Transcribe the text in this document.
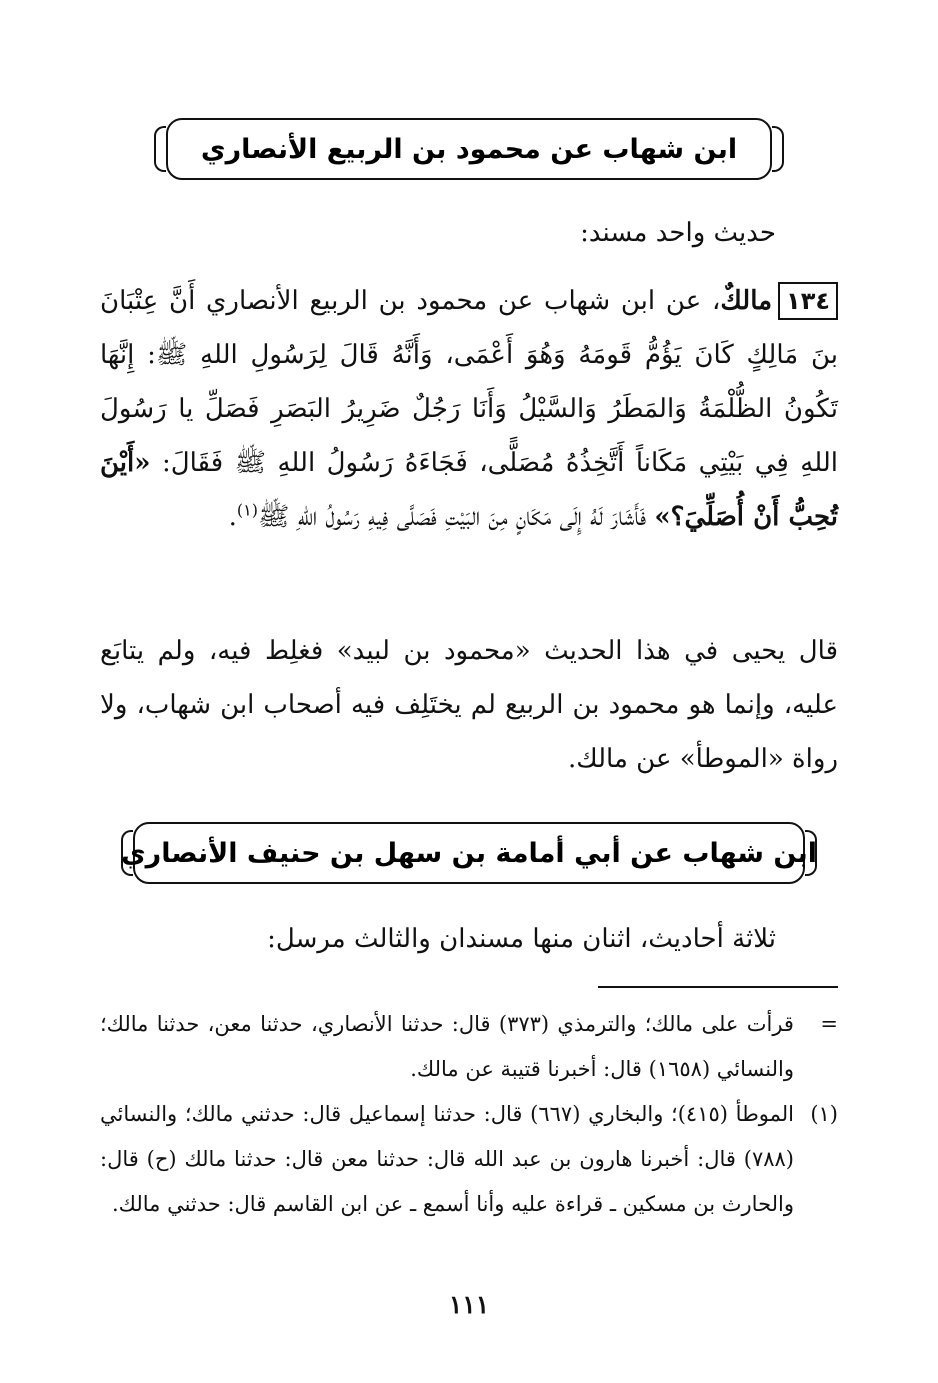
ابن شهاب عن محمود بن الربيع الأنصاري
حديث واحد مسند:
١٣٤مالكٌ، عن ابن شهاب عن محمود بن الربيع الأنصاري أَنَّ عِتْبَانَ بنَ مَالِكٍ كَانَ يَؤُمُّ قَومَهُ وَهُوَ أَعْمَى، وَأَنَّهُ قَالَ لِرَسُولِ اللهِ ﷺ: إِنَّهَا تَكُونُ الظُّلْمَةُ وَالمَطَرُ وَالسَّيْلُ وَأَنَا رَجُلٌ ضَرِيرُ البَصَرِ فَصَلِّ يا رَسُولَ اللهِ فِي بَيْتِي مَكَاناً أَتَّخِذُهُ مُصَلًّى، فَجَاءَهُ رَسُولُ اللهِ ﷺ فَقَالَ: «أَيْنَ تُحِبُّ أَنْ أُصَلِّيَ؟» فَأَشَارَ لَهُ إِلَى مَكَانٍ مِنَ البَيْتِ فَصَلَّى فِيهِ رَسُولُ اللهِ ﷺ$^{(١)}$.
قال يحيى في هذا الحديث «محمود بن لبيد» فغلِط فيه، ولم يتابَع عليه، وإنما هو محمود بن الربيع لم يختَلِف فيه أصحاب ابن شهاب، ولا رواة «الموطأ» عن مالك.
ابن شهاب عن أبي أمامة بن سهل بن حنيف الأنصاري
ثلاثة أحاديث، اثنان منها مسندان والثالث مرسل:
=
قرأت على مالك؛ والترمذي (٣٧٣) قال: حدثنا الأنصاري، حدثنا معن، حدثنا مالك؛ والنسائي (١٦٥٨) قال: أخبرنا قتيبة عن مالك.
(١)
الموطأ (٤١٥)؛ والبخاري (٦٦٧) قال: حدثنا إسماعيل قال: حدثني مالك؛ والنسائي (٧٨٨) قال: أخبرنا هارون بن عبد الله قال: حدثنا معن قال: حدثنا مالك (ح) قال: والحارث بن مسكين ـ قراءة عليه وأنا أسمع ـ عن ابن القاسم قال: حدثني مالك.
١١١
